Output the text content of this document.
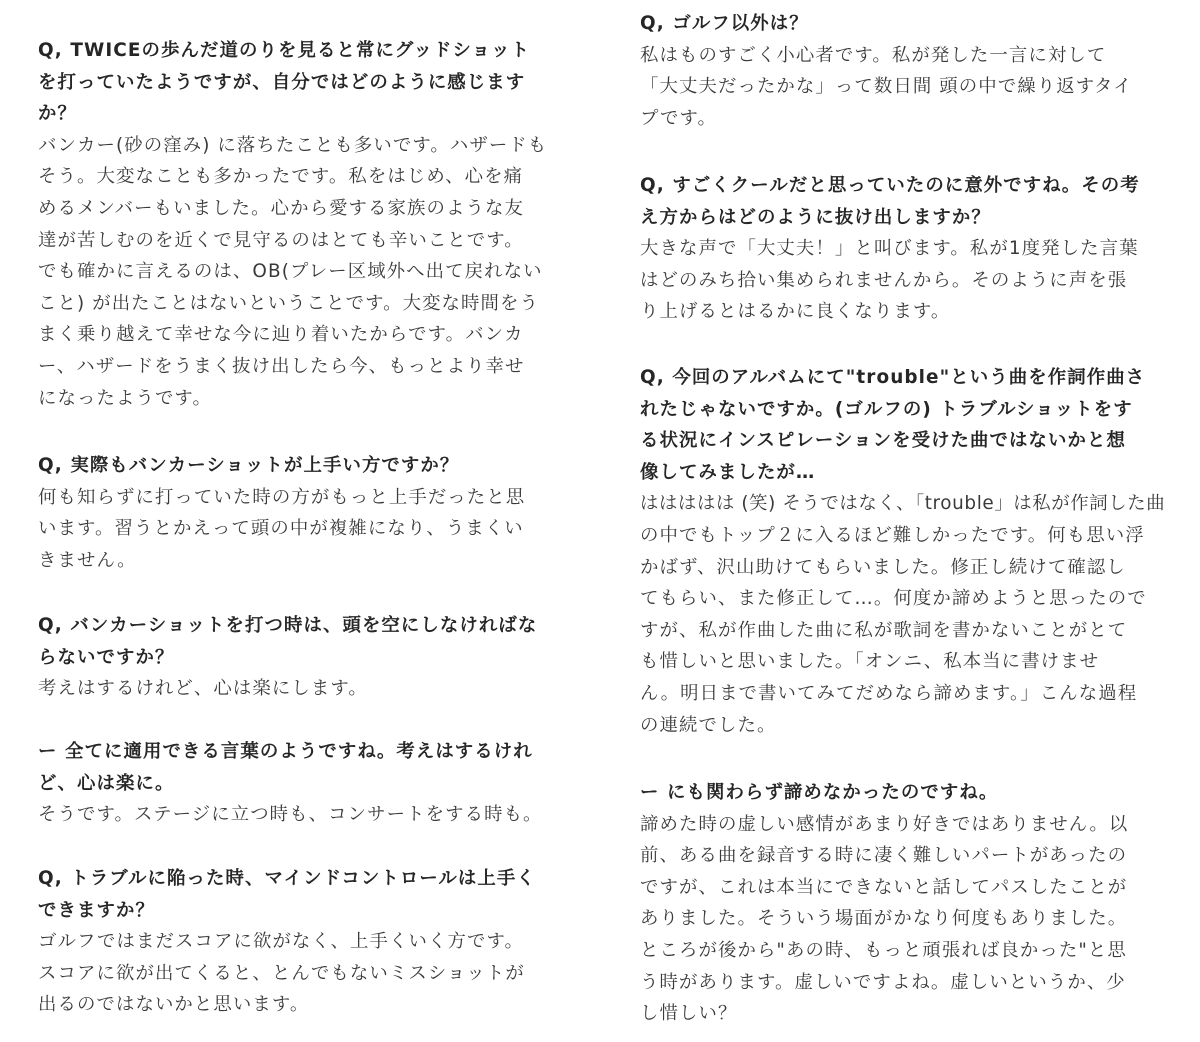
Q, TWICEの歩んだ道のりを見ると常にグッドショット
を打っていたようですが、自分ではどのように感じます
か？
バンカー(砂の窪み) に落ちたことも多いです。ハザードも
そう。大変なことも多かったです。私をはじめ、心を痛
めるメンバーもいました。心から愛する家族のような友
達が苦しむのを近くで見守るのはとても辛いことです。
でも確かに言えるのは、OB(プレー区域外へ出て戻れない
こと) が出たことはないということです。大変な時間をう
まく乗り越えて幸せな今に辿り着いたからです。バンカ
ー、ハザードをうまく抜け出したら今、もっとより幸せ
になったようです。
Q, 実際もバンカーショットが上手い方ですか？
何も知らずに打っていた時の方がもっと上手だったと思
います。習うとかえって頭の中が複雑になり、うまくい
きません。
Q, バンカーショットを打つ時は、頭を空にしなければな
らないですか？
考えはするけれど、心は楽にします。
ー 全てに適用できる言葉のようですね。考えはするけれ
ど、心は楽に。
そうです。ステージに立つ時も、コンサートをする時も。
Q, トラブルに陥った時、マインドコントロールは上手く
できますか？
ゴルフではまだスコアに欲がなく、上手くいく方です。
スコアに欲が出てくると、とんでもないミスショットが
出るのではないかと思います。
Q, ゴルフ以外は？
私はものすごく小心者です。私が発した一言に対して
「大丈夫だったかな」って数日間 頭の中で繰り返すタイ
プです。
Q, すごくクールだと思っていたのに意外ですね。その考
え方からはどのように抜け出しますか？
大きな声で「大丈夫！」と叫びます。私が1度発した言葉
はどのみち拾い集められませんから。そのように声を張
り上げるとはるかに良くなります。
Q, 今回のアルバムにて"trouble"という曲を作詞作曲さ
れたじゃないですか。(ゴルフの) トラブルショットをす
る状況にインスピレーションを受けた曲ではないかと想
像してみましたが…
ははははは (笑) そうではなく、「trouble」は私が作詞した曲
の中でもトップ２に入るほど難しかったです。何も思い浮
かばず、沢山助けてもらいました。修正し続けて確認し
てもらい、また修正して…。何度か諦めようと思ったので
すが、私が作曲した曲に私が歌詞を書かないことがとて
も惜しいと思いました。「オンニ、私本当に書けませ
ん。明日まで書いてみてだめなら諦めます。」こんな過程
の連続でした。
ー にも関わらず諦めなかったのですね。
諦めた時の虚しい感情があまり好きではありません。以
前、ある曲を録音する時に凄く難しいパートがあったの
ですが、これは本当にできないと話してパスしたことが
ありました。そういう場面がかなり何度もありました。
ところが後から"あの時、もっと頑張れば良かった"と思
う時があります。虚しいですよね。虚しいというか、少
し惜しい？
